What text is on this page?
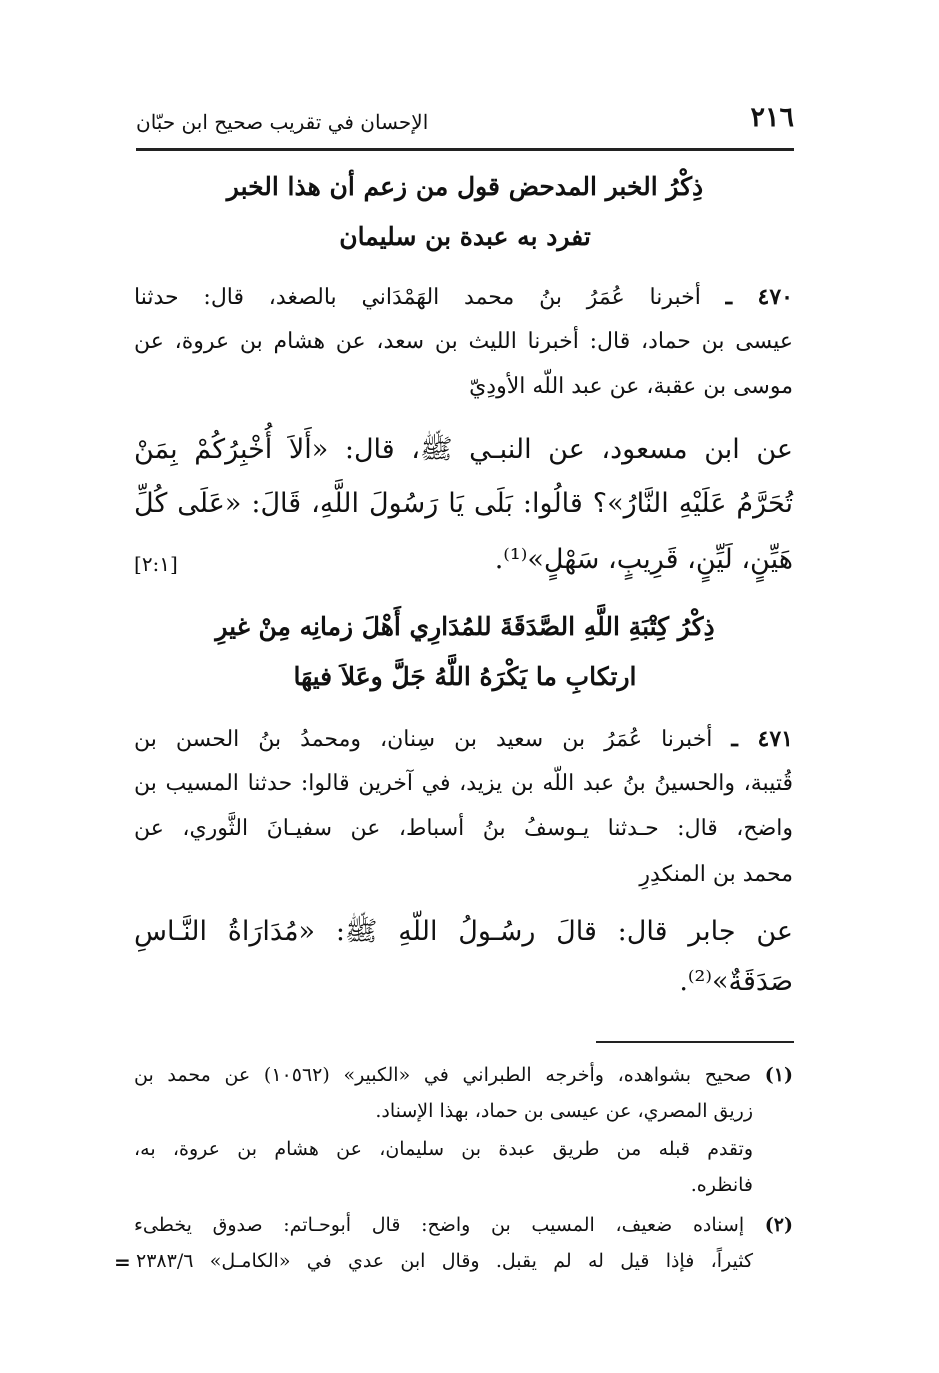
٢١٦
الإحسان في تقريب صحيح ابن حبّان
ذِكْرُ الخبر المدحض قول من زعم أن هذا الخبر
تفرد به عبدة بن سليمان
٤٧٠ ـ أخبرنا عُمَرُ بنُ محمد الهَمْدَاني بالصغد، قال: حدثنا
عيسى بن حماد، قال: أخبرنا الليث بن سعد، عن هشام بن عروة، عن
موسى بن عقبة، عن عبد اللّه الأودِيّ
عن ابن مسعود، عن النبـي ﷺ، قال: «أَلاَ أُخْبِرُكُمْ بِمَنْ
تُحَرَّمُ عَلَيْهِ النَّارُ»؟ قالُوا: بَلَى يَا رَسُولَ اللَّهِ، قَالَ: «عَلَى كُلِّ
هَيِّنٍ، لَيِّنٍ، قَرِيبٍ، سَهْلٍ»⁽¹⁾.
[٢:١]
ذِكْرُ كِتْبَةِ اللَّهِ الصَّدَقَةَ للمُدَارِي أَهْلَ زمانِه مِنْ غيرِ
ارتكابِ ما يَكْرَهُ اللَّهُ جَلَّ وعَلاَ فيهَا
٤٧١ ـ أخبرنا عُمَرُ بن سعيد بن سِنان، ومحمدُ بنُ الحسن بن
قُتيبة، والحسينُ بنُ عبد اللّه بن يزيد، في آخرين قالوا: حدثنا المسيب بن
واضح، قال: حـدثنا يـوسفُ بنُ أسباط، عن سفيـانَ الثَّوري، عن
محمد بن المنكدِرِ
عن جابر قال: قالَ رسُـولُ اللّهِ ﷺ: «مُدَارَاةُ النَّـاسِ
صَدَقَةٌ»⁽²⁾.
(١) صحيح بشواهده، وأخرجه الطبراني في «الكبير» (١٠٥٦٢) عن محمد بن
زريق المصري، عن عيسى بن حماد، بهذا الإسناد.
وتقدم قبله من طريق عبدة بن سليمان، عن هشام بن عروة، به،
فانظره.
(٢) إسناده ضعيف، المسيب بن واضح: قال أبوحـاتم: صدوق يخطىء
كثيراً، فإذا قيل له لم يقبل. وقال ابن عدي في «الكامـل» ٢٣٨٣/٦
=
